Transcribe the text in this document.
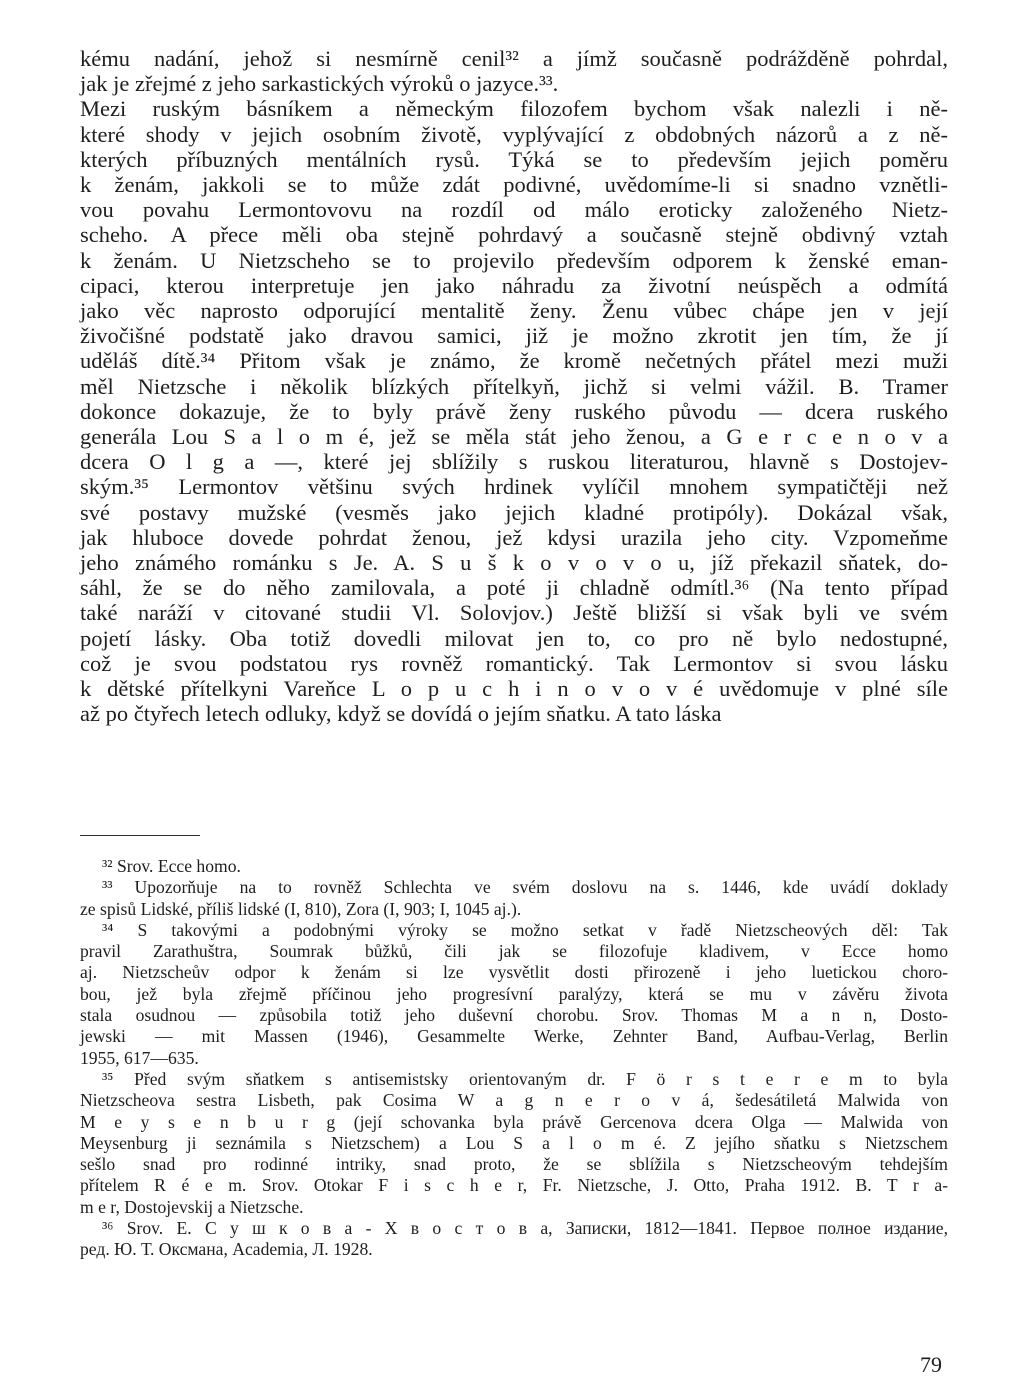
kému nadání, jehož si nesmírně cenil³² a jímž současně podrážděně pohrdal,
jak je zřejmé z jeho sarkastických výroků o jazyce.³³.
Mezi ruským básníkem a německým filozofem bychom však nalezli i ně-
které shody v jejich osobním životě, vyplývající z obdobných názorů a z ně-
kterých příbuzných mentálních rysů. Týká se to především jejich poměru
k ženám, jakkoli se to může zdát podivné, uvědomíme-li si snadno vznětli-
vou povahu Lermontovovu na rozdíl od málo eroticky založeného Nietz-
scheho. A přece měli oba stejně pohrdavý a současně stejně obdivný vztah
k ženám. U Nietzscheho se to projevilo především odporem k ženské eman-
cipaci, kterou interpretuje jen jako náhradu za životní neúspěch a odmítá
jako věc naprosto odporující mentalitě ženy. Ženu vůbec chápe jen v její
živočišné podstatě jako dravou samici, již je možno zkrotit jen tím, že jí
uděláš dítě.³⁴ Přitom však je známo, že kromě nečetných přátel mezi muži
měl Nietzsche i několik blízkých přítelkyň, jichž si velmi vážil. B. Tramer
dokonce dokazuje, že to byly právě ženy ruského původu — dcera ruského
generála Lou S a l o m é, jež se měla stát jeho ženou, a G e r c e n o v a
dcera O l g a —, které jej sblížily s ruskou literaturou, hlavně s Dostojev-
ským.³⁵ Lermontov většinu svých hrdinek vylíčil mnohem sympatičtěji než
své postavy mužské (vesměs jako jejich kladné protipóly). Dokázal však,
jak hluboce dovede pohrdat ženou, jež kdysi urazila jeho city. Vzpomeňme
jeho známého románku s Je. A. S u š k o v o v o u, jíž překazil sňatek, do-
sáhl, že se do něho zamilovala, a poté ji chladně odmítl.³⁶ (Na tento případ
také naráží v citované studii Vl. Solovjov.) Ještě bližší si však byli ve svém
pojetí lásky. Oba totiž dovedli milovat jen to, co pro ně bylo nedostupné,
což je svou podstatou rys rovněž romantický. Tak Lermontov si svou lásku
k dětské přítelkyni Vareňce L o p u c h i n o v o v é uvědomuje v plné síle
až po čtyřech letech odluky, když se dovídá o jejím sňatku. A tato láska
³² Srov. Ecce homo.
³³ Upozorňuje na to rovněž Schlechta ve svém doslovu na s. 1446, kde uvádí doklady
ze spisů Lidské, příliš lidské (I, 810), Zora (I, 903; I, 1045 aj.).
³⁴ S takovými a podobnými výroky se možno setkat v řadě Nietzscheových děl: Tak
pravil Zarathuštra, Soumrak bůžků, čili jak se filozofuje kladivem, v Ecce homo
aj. Nietzscheův odpor k ženám si lze vysvětlit dosti přirozeně i jeho luetickou choro-
bou, jež byla zřejmě příčinou jeho progresívní paralýzy, která se mu v závěru života
stala osudnou — způsobila totiž jeho duševní chorobu. Srov. Thomas M a n n, Dosto-
jewski — mit Massen (1946), Gesammelte Werke, Zehnter Band, Aufbau-Verlag, Berlin
1955, 617—635.
³⁵ Před svým sňatkem s antisemistsky orientovaným dr. F ö r s t e r e m to byla
Nietzscheova sestra Lisbeth, pak Cosima W a g n e r o v á, šedesátiletá Malwida von
M e y s e n b u r g (její schovanka byla právě Gercenova dcera Olga — Malwida von
Meysenburg ji seznámila s Nietzschem) a Lou S a l o m é. Z jejího sňatku s Nietzschem
sešlo snad pro rodinné intriky, snad proto, že se sblížila s Nietzscheovým tehdejším
přítelem R é e m. Srov. Otokar F i s c h e r, Fr. Nietzsche, J. Otto, Praha 1912. B. T r a-
m e r, Dostojevskij a Nietzsche.
³⁶ Srov. Е. С у ш к о в а - Х в о с т о в а, Записки, 1812—1841. Первое полное издание,
ред. Ю. Т. Оксмана, Academia, Л. 1928.
79
